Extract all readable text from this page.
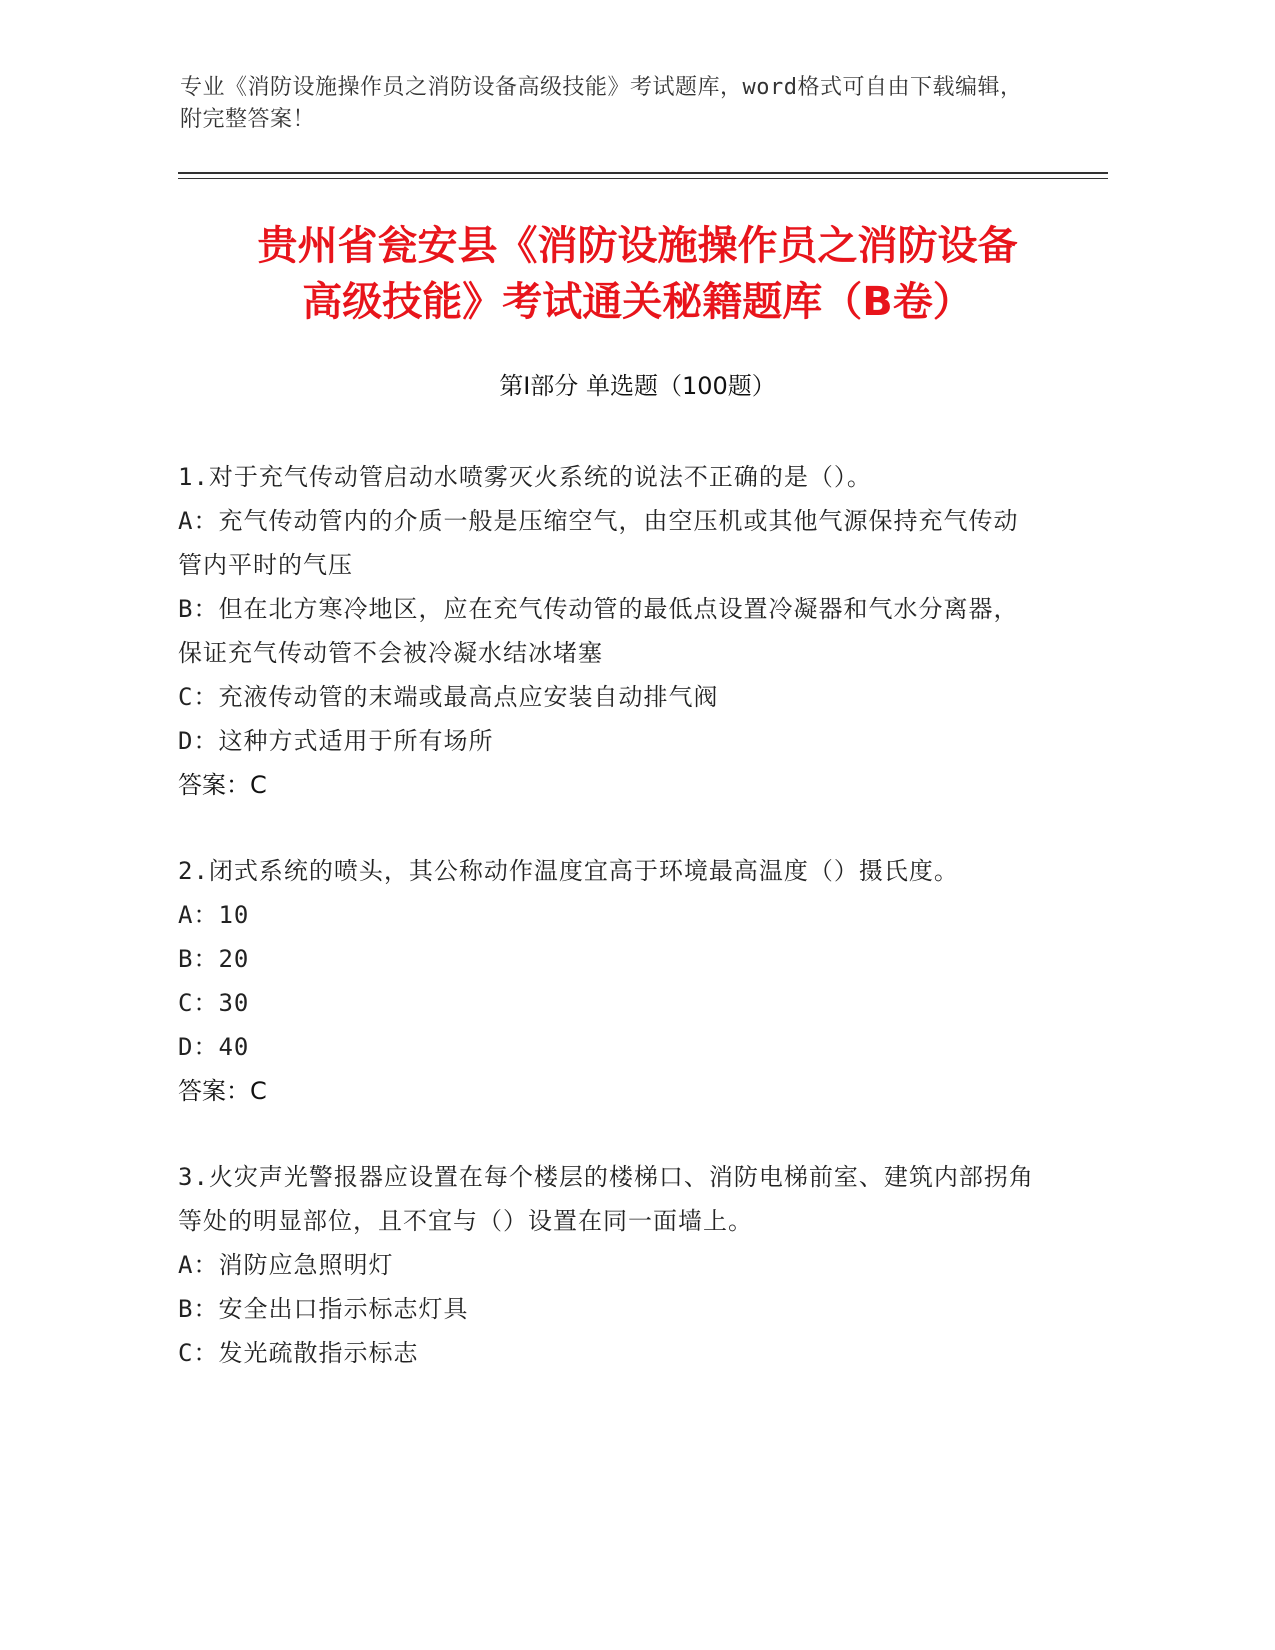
专业《消防设施操作员之消防设备高级技能》考试题库，word格式可自由下载编辑，附完整答案！
贵州省瓮安县《消防设施操作员之消防设备
高级技能》考试通关秘籍题库（B卷）
第Ⅰ部分 单选题（100题）
1.对于充气传动管启动水喷雾灭火系统的说法不正确的是（）。
A：充气传动管内的介质一般是压缩空气，由空压机或其他气源保持充气传动管内平时的气压
B：但在北方寒冷地区，应在充气传动管的最低点设置冷凝器和气水分离器，保证充气传动管不会被冷凝水结冰堵塞
C：充液传动管的末端或最高点应安装自动排气阀
D：这种方式适用于所有场所
答案：C
2.闭式系统的喷头，其公称动作温度宜高于环境最高温度（）摄氏度。
A：10
B：20
C：30
D：40
答案：C
3.火灾声光警报器应设置在每个楼层的楼梯口、消防电梯前室、建筑内部拐角等处的明显部位，且不宜与（）设置在同一面墙上。
A：消防应急照明灯
B：安全出口指示标志灯具
C：发光疏散指示标志
